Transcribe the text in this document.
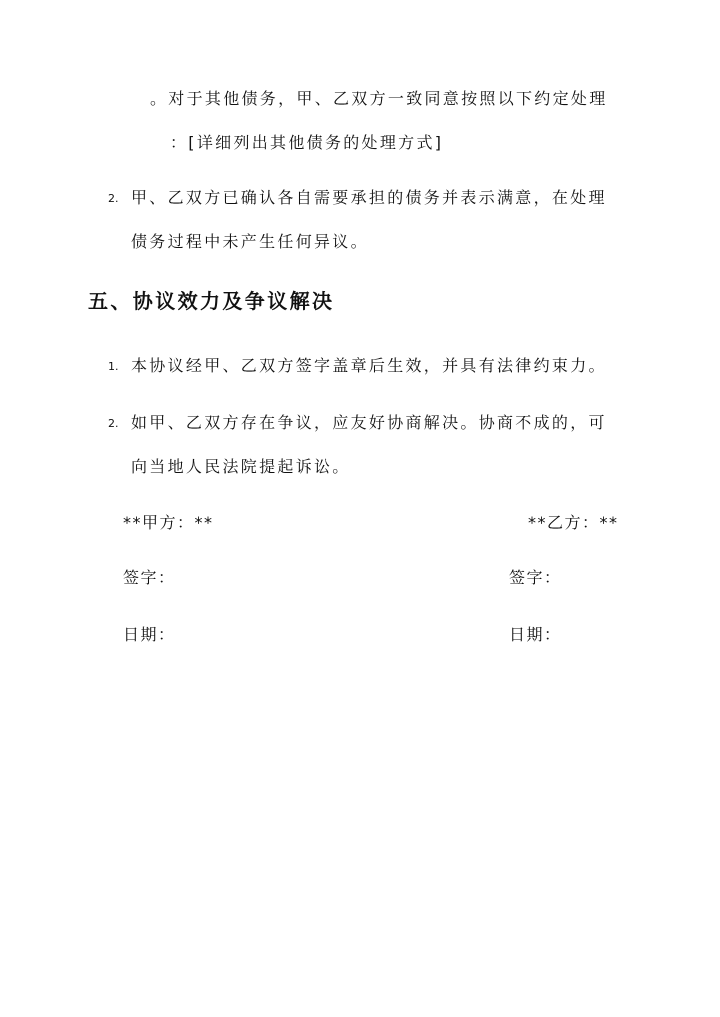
。对于其他债务，甲、乙双方一致同意按照以下约定处理
：[详细列出其他债务的处理方式]
2. 甲、乙双方已确认各自需要承担的债务并表示满意，在处理
债务过程中未产生任何异议。
五、协议效力及争议解决
1. 本协议经甲、乙双方签字盖章后生效，并具有法律约束力。
2. 如甲、乙双方存在争议，应友好协商解决。协商不成的，可
向当地人民法院提起诉讼。
**甲方：**
签字：
日期：
**乙方：**
签字：
日期：
